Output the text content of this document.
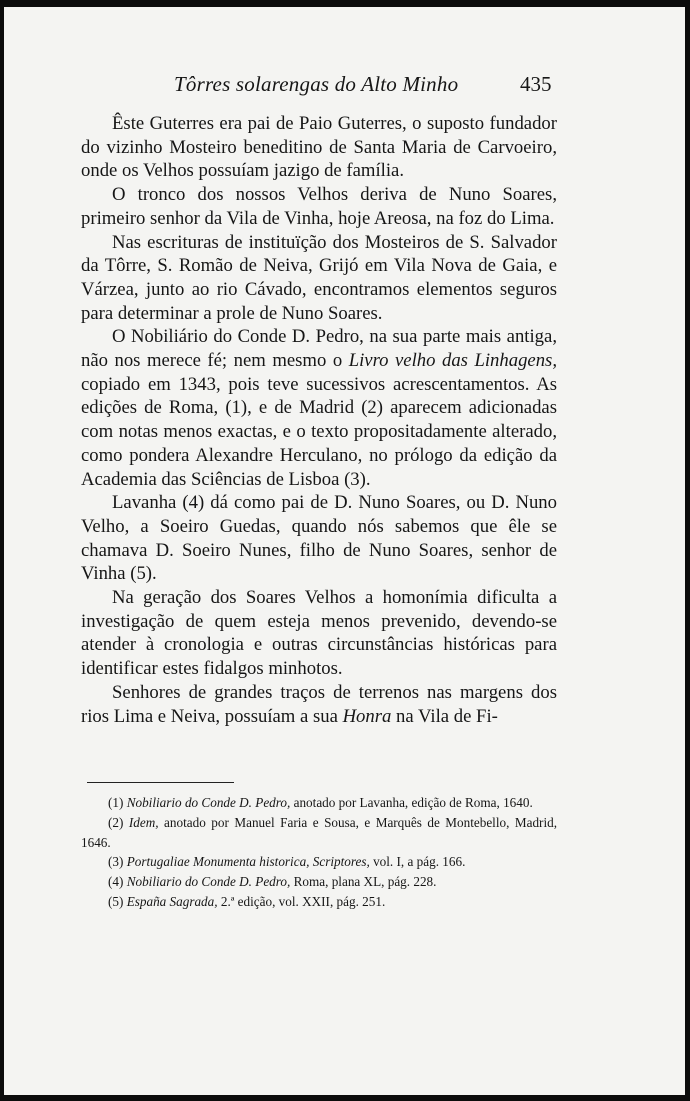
Tôrres solarengas do Alto Minho	435

Êste Guterres era pai de Paio Guterres, o suposto fundador do vizinho Mosteiro beneditino de Santa Maria de Carvoeiro, onde os Velhos possuíam jazigo de família.

O tronco dos nossos Velhos deriva de Nuno Soares, primeiro senhor da Vila de Vinha, hoje Areosa, na foz do Lima.

Nas escrituras de instituïção dos Mosteiros de S. Salvador da Tôrre, S. Romão de Neiva, Grijó em Vila Nova de Gaia, e Várzea, junto ao rio Cávado, encontramos elementos seguros para determinar a prole de Nuno Soares.

O Nobiliário do Conde D. Pedro, na sua parte mais antiga, não nos merece fé; nem mesmo o Livro velho das Linhagens, copiado em 1343, pois teve sucessivos acrescentamentos. As edições de Roma, (1), e de Madrid (2) aparecem adicionadas com notas menos exactas, e o texto propositadamente alterado, como pondera Alexandre Herculano, no prólogo da edição da Academia das Sciências de Lisboa (3).

Lavanha (4) dá como pai de D. Nuno Soares, ou D. Nuno Velho, a Soeiro Guedas, quando nós sabemos que êle se chamava D. Soeiro Nunes, filho de Nuno Soares, senhor de Vinha (5).

Na geração dos Soares Velhos a homonímia dificulta a investigação de quem esteja menos prevenido, devendo-se atender à cronologia e outras circunstâncias históricas para identificar estes fidalgos minhotos.

Senhores de grandes traços de terrenos nas margens dos rios Lima e Neiva, possuíam a sua Honra na Vila de Fi-

(1) Nobiliario do Conde D. Pedro, anotado por Lavanha, edição de Roma, 1640.

(2) Idem, anotado por Manuel Faria e Sousa, e Marquês de Montebello, Madrid, 1646.

(3) Portugaliae Monumenta historica, Scriptores, vol. I, a pág. 166.

(4) Nobiliario do Conde D. Pedro, Roma, plana XL, pág. 228.

(5) España Sagrada, 2.ª edição, vol. XXII, pág. 251.
